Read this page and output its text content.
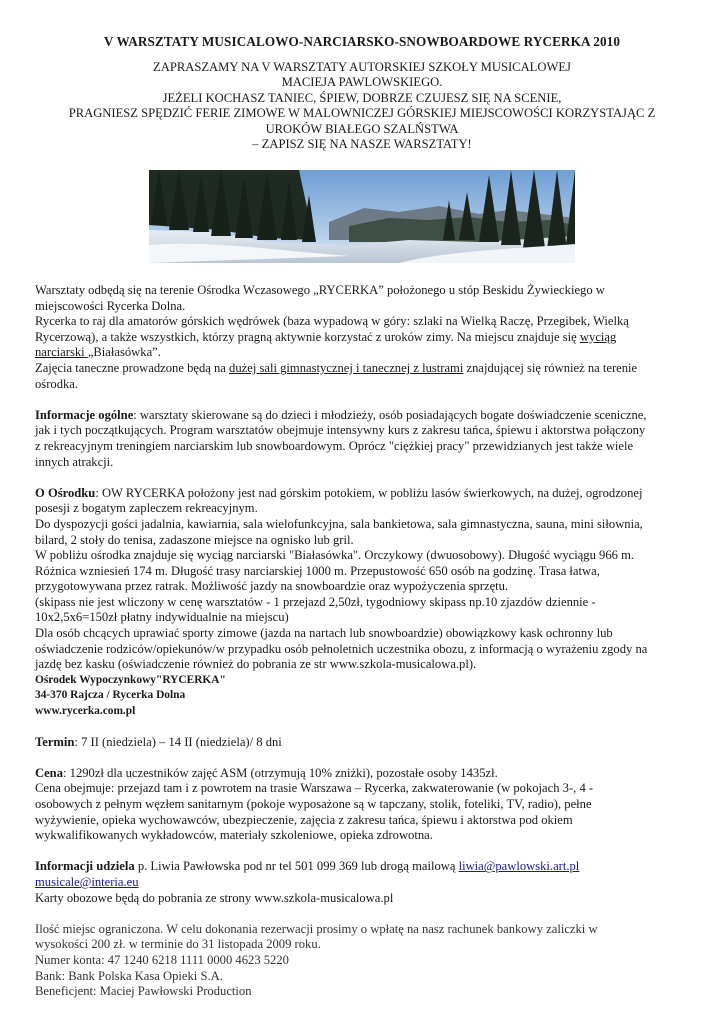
V WARSZTATY MUSICALOWO-NARCIARSKO-SNOWBOARDOWE RYCERKA 2010
ZAPRASZAMY NA V WARSZTATY AUTORSKIEJ SZKOŁY MUSICALOWEJ
MACIEJA PAWLOWSKIEGO.
JEŻELI KOCHASZ TANIEC, ŚPIEW, DOBRZE CZUJESZ SIĘ NA SCENIE,
PRAGNIESZ SPĘDZIĆ FERIE ZIMOWE W MALOWNICZEJ GÓRSKIEJ MIEJSCOWOŚCI KORZYSTAJĄC Z
UROKÓW BIAŁEGO SZALŃSTWA
– ZAPISZ SIĘ NA NASZE WARSZTATY!

Warsztaty odbędą się na terenie Ośrodka Wczasowego „RYCERKA” położonego u stóp Beskidu Żywieckiego w
miejscowości Rycerka Dolna.
Rycerka to raj dla amatorów górskich wędrówek (baza wypadową w góry: szlaki na Wielką Raczę, Przegibek, Wielką
Rycerzową), a także wszystkich, którzy pragną aktywnie korzystać z uroków zimy. Na miejscu znajduje się wyciąg
narciarski „Białasówka”.
Zajęcia taneczne prowadzone będą na dużej sali gimnastycznej i tanecznej z lustrami znajdującej się również na terenie
ośrodka.

Informacje ogólne: warsztaty skierowane są do dzieci i młodzieży, osób posiadających bogate doświadczenie sceniczne,
jak i tych początkujących. Program warsztatów obejmuje intensywny kurs z zakresu tańca, śpiewu i aktorstwa połączony
z rekreacyjnym treningiem narciarskim lub snowboardowym. Oprócz "ciężkiej pracy" przewidzianych jest także wiele
innych atrakcji.

O Ośrodku: OW RYCERKA położony jest nad górskim potokiem, w pobliżu lasów świerkowych, na dużej, ogrodzonej
posesji z bogatym zapleczem rekreacyjnym.
Do dyspozycji gości jadalnia, kawiarnia, sala wielofunkcyjna, sala bankietowa, sala gimnastyczna, sauna, mini siłownia,
bilard, 2 stoły do tenisa, zadaszone miejsce na ognisko lub gril.
W pobliżu ośrodka znajduje się wyciąg narciarski "Białasówka". Orczykowy (dwuosobowy). Długość wyciągu 966 m.
Różnica wzniesień 174 m. Długość trasy narciarskiej 1000 m. Przepustowość 650 osób na godzinę. Trasa łatwa,
przygotowywana przez ratrak. Możliwość jazdy na snowboardzie oraz wypożyczenia sprzętu.
(skipass nie jest wliczony w cenę warsztatów - 1 przejazd 2,50zł, tygodniowy skipass np.10 zjazdów dziennie -
10x2,5x6=150zł płatny indywidualnie na miejscu)
Dla osób chcących uprawiać sporty zimowe (jazda na nartach lub snowboardzie) obowiązkowy kask ochronny lub
oświadczenie rodziców/opiekunów/w przypadku osób pełnoletnich uczestnika obozu, z informacją o wyrażeniu zgody na
jazdę bez kasku (oświadczenie również do pobrania ze str www.szkola-musicalowa.pl).
Ośrodek Wypoczynkowy"RYCERKA"
34-370 Rajcza / Rycerka Dolna
www.rycerka.com.pl

Termin: 7 II (niedziela) – 14 II (niedziela)/ 8 dni

Cena: 1290zł dla uczestników zajęć ASM (otrzymują 10% zniżki), pozostałe osoby 1435zł.
Cena obejmuje: przejazd tam i z powrotem na trasie Warszawa – Rycerka, zakwaterowanie (w pokojach 3-, 4 -
osobowych z pełnym węzłem sanitarnym (pokoje wyposażone są w tapczany, stolik, foteliki, TV, radio), pełne
wyżywienie, opieka wychowawców, ubezpieczenie, zajęcia z zakresu tańca, śpiewu i aktorstwa pod okiem
wykwalifikowanych wykładowców, materiały szkoleniowe, opieka zdrowotna.

Informacji udziela p. Liwia Pawłowska pod nr tel 501 099 369 lub drogą mailową liwia@pawlowski.art.pl
musicale@interia.eu
Karty obozowe będą do pobrania ze strony www.szkola-musicalowa.pl

Ilość miejsc ograniczona. W celu dokonania rezerwacji prosimy o wpłatę na nasz rachunek bankowy zaliczki w
wysokości 200 zł. w terminie do 31 listopada 2009 roku.
Numer konta: 47 1240 6218 1111 0000 4623 5220
Bank: Bank Polska Kasa Opieki S.A.
Beneficjent: Maciej Pawłowski Production
